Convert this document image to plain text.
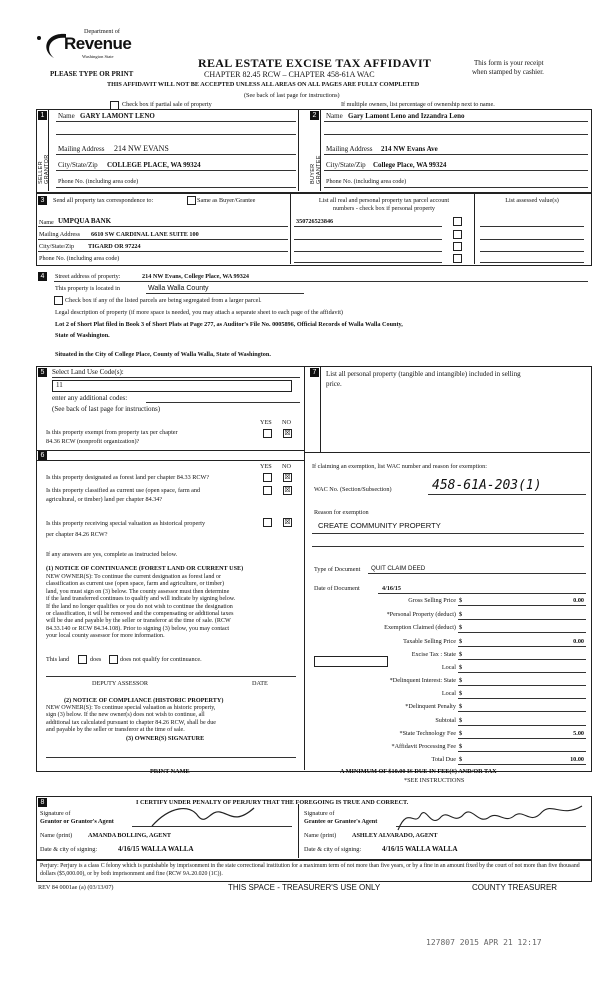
Department of
Revenue
Washington State
PLEASE TYPE OR PRINT
REAL ESTATE EXCISE TAX AFFIDAVIT
CHAPTER 82.45 RCW – CHAPTER 458-61A WAC
THIS AFFIDAVIT WILL NOT BE ACCEPTED UNLESS ALL AREAS ON ALL PAGES ARE FULLY COMPLETED
(See back of last page for instructions)
This form is your receipt
when stamped by cashier.
Check box if partial sale of property	If multiple owners, list percentage of ownership next to name.
1
SELLER GRANTOR
Name GARY LAMONT LENO
Mailing Address 214 NW EVANS
City/State/Zip COLLEGE PLACE, WA 99324
Phone No. (including area code)
2
BUYER GRANTEE
Name Gary Lamont Leno and Izzandra Leno
Mailing Address 214 NW Evans Ave
City/State/Zip College Place, WA 99324
Phone No. (including area code)
3	Send all property tax correspondence to:	Same as Buyer/Grantee
Name UMPQUA BANK
Mailing Address 6610 SW CARDINAL LANE SUITE 100
City/State/Zip TIGARD OR 97224
Phone No. (including area code)
List all real and personal property tax parcel account
numbers - check box if personal property
List assessed value(s)
350726523846
4	Street address of property:	214 NW Evans, College Place, WA 99324
This property is located in	Walla Walla County
Check box if any of the listed parcels are being segregated from a larger parcel.
Legal description of property (if more space is needed, you may attach a separate sheet to each page of the affidavit)
Lot 2 of Short Plat filed in Book 3 of Short Plats at Page 277, as Auditor's File No. 0005896, Official Records of Walla Walla County,
State of Washington.
Situated in the City of College Place, County of Walla Walla, State of Washington.
5	Select Land Use Code(s):
11
enter any additional codes:
(See back of last page for instructions)
YES NO
Is this property exempt from property tax per chapter
84.36 RCW (nonprofit organization)?
☒
7	List all personal property (tangible and intangible) included in selling
price.
6
YES NO
Is this property designated as forest land per chapter 84.33 RCW?	☒
Is this property classified as current use (open space, farm and
agricultural, or timber) land per chapter 84.34?
☒
Is this property receiving special valuation as historical property
per chapter 84.26 RCW?
☒
If any answers are yes, complete as instructed below.
(1) NOTICE OF CONTINUANCE (FOREST LAND OR CURRENT USE)
NEW OWNER(S): To continue the current designation as forest land or
classification as current use (open space, farm and agriculture, or timber)
land, you must sign on (3) below. The county assessor must then determine
if the land transferred continues to qualify and will indicate by signing below.
If the land no longer qualifies or you do not wish to continue the designation
or classification, it will be removed and the compensating or additional taxes
will be due and payable by the seller or transferor at the time of sale. (RCW
84.33.140 or RCW 84.34.108). Prior to signing (3) below, you may contact
your local county assessor for more information.
This land	does	does not qualify for continuance.
DEPUTY ASSESSOR	DATE
(2) NOTICE OF COMPLIANCE (HISTORIC PROPERTY)
NEW OWNER(S): To continue special valuation as historic property,
sign (3) below. If the new owner(s) does not wish to continue, all
additional tax calculated pursuant to chapter 84.26 RCW, shall be due
and payable by the seller or transferor at the time of sale.
(3) OWNER(S) SIGNATURE
PRINT NAME
If claiming an exemption, list WAC number and reason for exemption:
WAC No. (Section/Subsection)	458-61A-203(1)
Reason for exemption
CREATE COMMUNITY PROPERTY
Type of Document QUIT CLAIM DEED
Date of Document	4/16/15
Gross Selling Price $	0.00
*Personal Property (deduct) $
Exemption Claimed (deduct) $
Taxable Selling Price $	0.00
Excise Tax : State $
Local $
*Delinquent Interest: State $
Local $
*Delinquent Penalty $
Subtotal $
*State Technology Fee $	5.00
*Affidavit Processing Fee $
Total Due $	10.00
A MINIMUM OF $10.00 IS DUE IN FEE(S) AND/OR TAX
*SEE INSTRUCTIONS
8	I CERTIFY UNDER PENALTY OF PERJURY THAT THE FOREGOING IS TRUE AND CORRECT.
Signature of
Grantor or Grantor's Agent
Name (print)	AMANDA BOLLING, AGENT
Date & city of signing:	4/16/15 WALLA WALLA
Signature of
Grantee or Grantee's Agent
Name (print)	ASHLEY ALVARADO, AGENT
Date & city of signing:	4/16/15 WALLA WALLA
Perjury: Perjury is a class C felony which is punishable by imprisonment in the state correctional institution for a maximum term of not more than five years, or by a fine in an amount fixed by the court of not more than five thousand dollars ($5,000.00), or by both imprisonment and fine (RCW 9A.20.020 (1C)).
REV 84 0001ae (a) (03/13/07)	THIS SPACE - TREASURER'S USE ONLY	COUNTY TREASURER
127807 2015 APR 21 12:17
